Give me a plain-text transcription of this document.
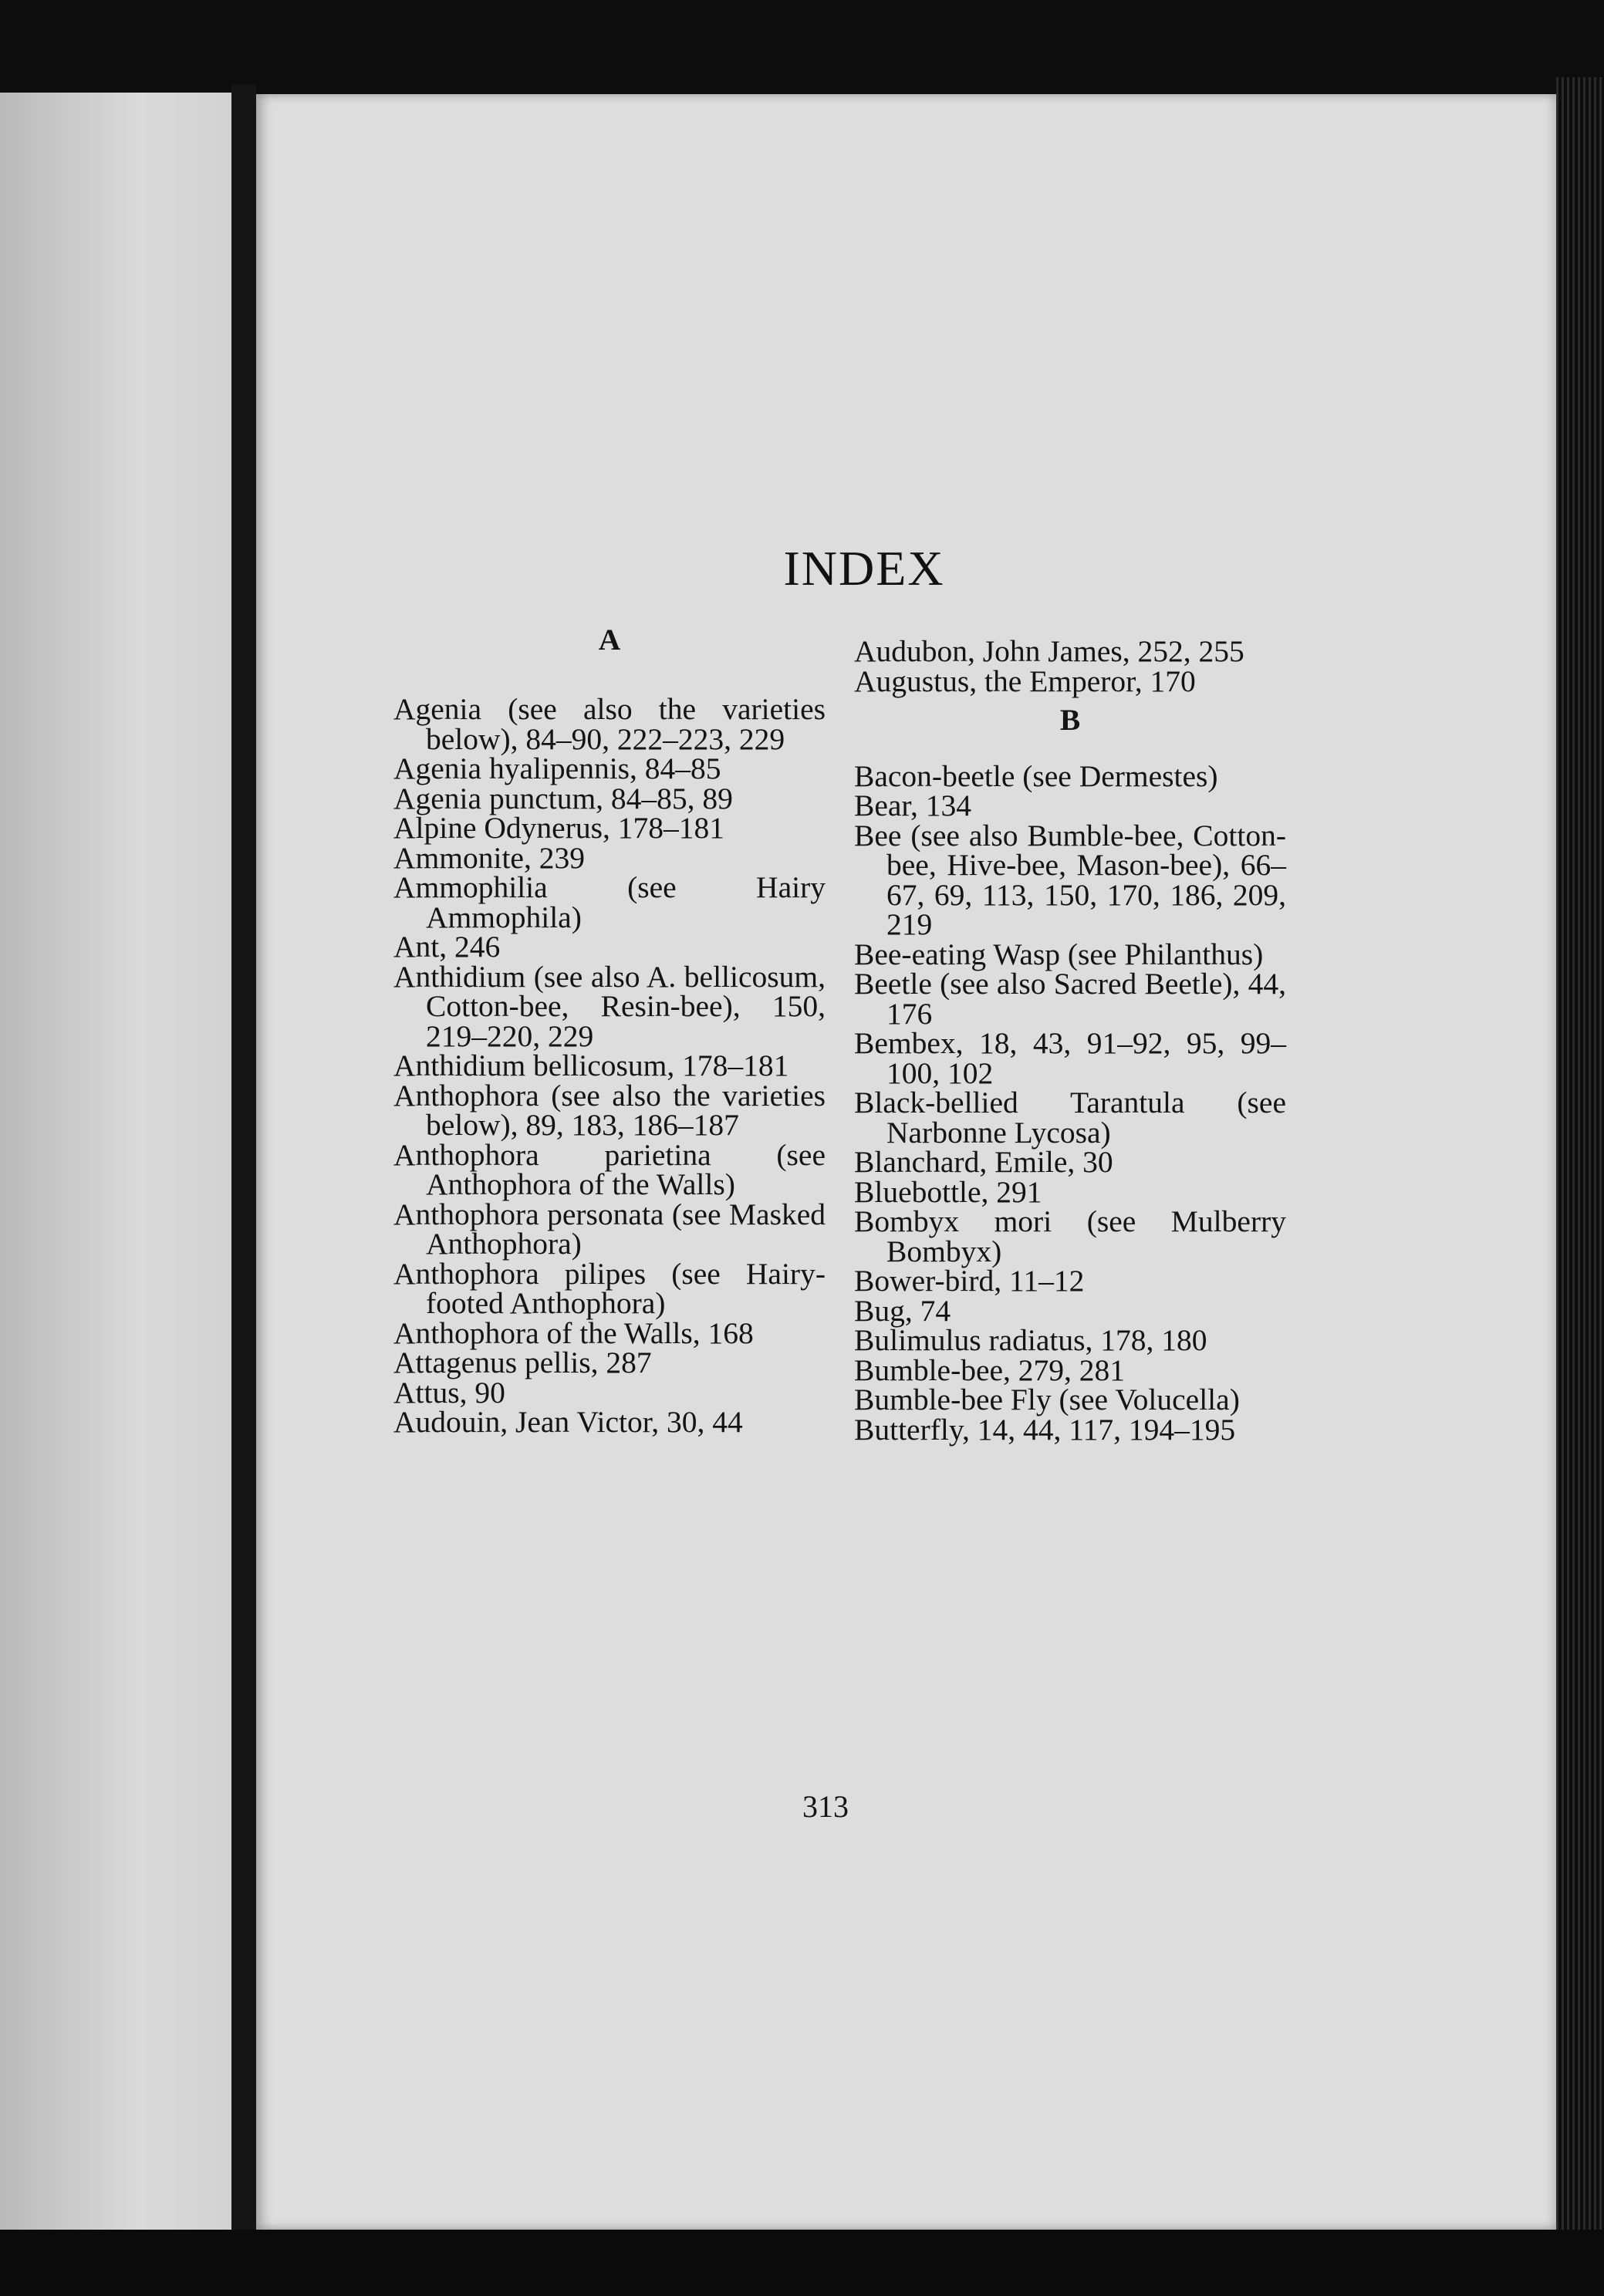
INDEX
A
Agenia (see also the varieties below), 84–90, 222–223, 229
Agenia hyalipennis, 84–85
Agenia punctum, 84–85, 89
Alpine Odynerus, 178–181
Ammonite, 239
Ammophilia (see Hairy Ammophila)
Ant, 246
Anthidium (see also A. bellicosum, Cotton-bee, Resin-bee), 150, 219–220, 229
Anthidium bellicosum, 178–181
Anthophora (see also the varieties below), 89, 183, 186–187
Anthophora parietina (see Anthophora of the Walls)
Anthophora personata (see Masked Anthophora)
Anthophora pilipes (see Hairy-footed Anthophora)
Anthophora of the Walls, 168
Attagenus pellis, 287
Attus, 90
Audouin, Jean Victor, 30, 44
Audubon, John James, 252, 255
Augustus, the Emperor, 170
B
Bacon-beetle (see Dermestes)
Bear, 134
Bee (see also Bumble-bee, Cotton-bee, Hive-bee, Mason-bee), 66–67, 69, 113, 150, 170, 186, 209, 219
Bee-eating Wasp (see Philanthus)
Beetle (see also Sacred Beetle), 44, 176
Bembex, 18, 43, 91–92, 95, 99–100, 102
Black-bellied Tarantula (see Narbonne Lycosa)
Blanchard, Emile, 30
Bluebottle, 291
Bombyx mori (see Mulberry Bombyx)
Bower-bird, 11–12
Bug, 74
Bulimulus radiatus, 178, 180
Bumble-bee, 279, 281
Bumble-bee Fly (see Volucella)
Butterfly, 14, 44, 117, 194–195
313
